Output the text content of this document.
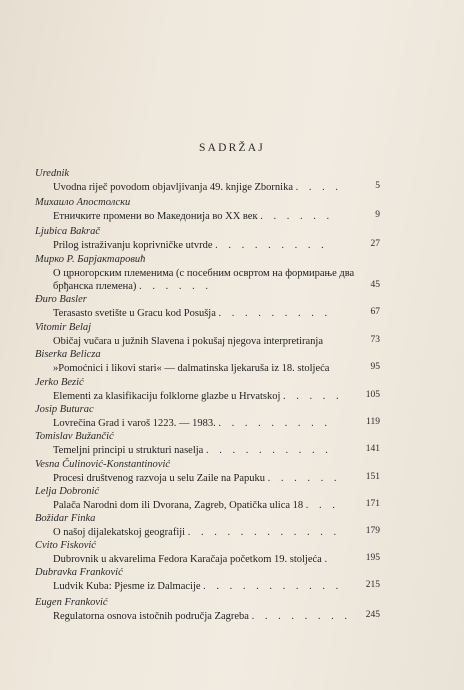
SADRŽAJ
Urednik
Uvodna riječ povodom objavljivanja 49. knjige Zbornika . . . .	5
Михаило Апостолски
Етничките промени во Македонија во XX век . . . . . .	9
Ljubica Bakrač
Prilog istraživanju koprivničke utvrde . . . . . . . . .	27
Мирко Р. Барјактаровић
О црногорским племенима (с посебним освртом на формирање два брђанска племена) . . . . . .	45
Đuro Basler
Terasasto svetište u Gracu kod Posušja . . . . . . . . .	67
Vitomir Belaj
Običaj vučara u južnih Slavena i pokušaj njegova interpretiranja	73
Biserka Belicza
»Pomoćnici i likovi stari« — dalmatinska ljekaruša iz 18. stoljeća	95
Jerko Bezić
Elementi za klasifikaciju folklorne glazbe u Hrvatskoj . . . . .	105
Josip Buturac
Lovrečina Grad i varoš 1223. — 1983. . . . . . . . . .	119
Tomislav Bužančić
Temeljni principi u strukturi naselja . . . . . . . . . .	141
Vesna Čulinović-Konstantinović
Procesi društvenog razvoja u selu Zaile na Papuku . . . . . .	151
Lelja Dobronić
Palača Narodni dom ili Dvorana, Zagreb, Opatička ulica 18 . . .	171
Božidar Finka
O našoj dijalekatskoj geografiji . . . . . . . . . . . .	179
Cvito Fisković
Dubrovnik u akvarelima Fedora Karačaja početkom 19. stoljeća .	195
Dubravka Franković
Ludvik Kuba: Pjesme iz Dalmacije . . . . . . . . . . .	215
Eugen Franković
Regulatorna osnova istočnih područja Zagreba . . . . . . . .	245
